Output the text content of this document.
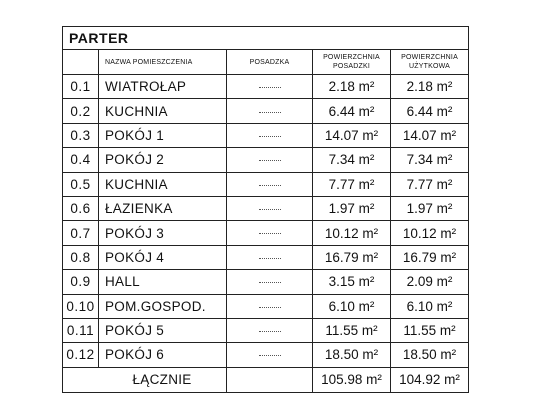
PARTER				
	NAZWA POMIESZCZENIA	POSADZKA	POWIERZCHNIA POSADZKI	POWIERZCHNIA UŻYTKOWA
0.1	WIATROŁAP		2.18 m²	2.18 m²
0.2	KUCHNIA		6.44 m²	6.44 m²
0.3	POKÓJ 1		14.07 m²	14.07 m²
0.4	POKÓJ 2		7.34 m²	7.34 m²
0.5	KUCHNIA		7.77 m²	7.77 m²
0.6	ŁAZIENKA		1.97 m²	1.97 m²
0.7	POKÓJ 3		10.12 m²	10.12 m²
0.8	POKÓJ 4		16.79 m²	16.79 m²
0.9	HALL		3.15 m²	2.09 m²
0.10	POM.GOSPOD.		6.10 m²	6.10 m²
0.11	POKÓJ 5		11.55 m²	11.55 m²
0.12	POKÓJ 6		18.50 m²	18.50 m²
	ŁĄCZNIE		105.98 m²	104.92 m²
